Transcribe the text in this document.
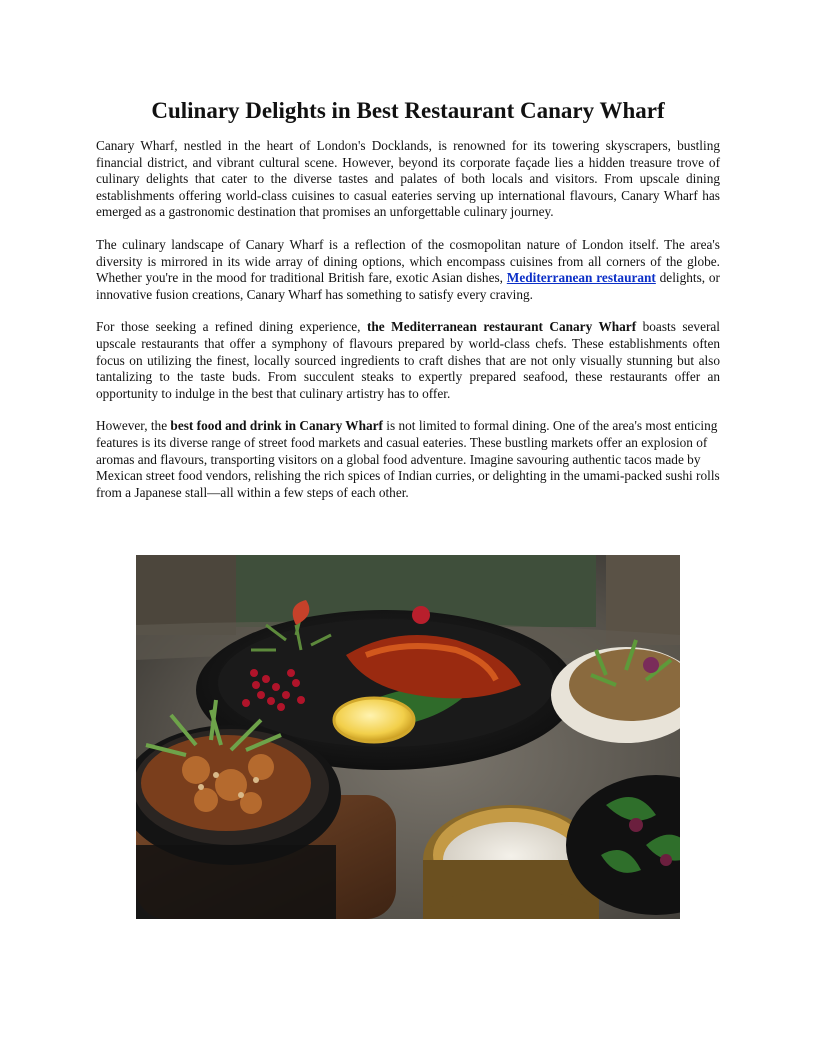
Culinary Delights in Best Restaurant Canary Wharf

Canary Wharf, nestled in the heart of London's Docklands, is renowned for its towering skyscrapers, bustling financial district, and vibrant cultural scene. However, beyond its corporate façade lies a hidden treasure trove of culinary delights that cater to the diverse tastes and palates of both locals and visitors. From upscale dining establishments offering world-class cuisines to casual eateries serving up international flavours, Canary Wharf has emerged as a gastronomic destination that promises an unforgettable culinary journey.

The culinary landscape of Canary Wharf is a reflection of the cosmopolitan nature of London itself. The area's diversity is mirrored in its wide array of dining options, which encompass cuisines from all corners of the globe. Whether you're in the mood for traditional British fare, exotic Asian dishes, Mediterranean restaurant delights, or innovative fusion creations, Canary Wharf has something to satisfy every craving.

For those seeking a refined dining experience, the Mediterranean restaurant Canary Wharf boasts several upscale restaurants that offer a symphony of flavours prepared by world-class chefs. These establishments often focus on utilizing the finest, locally sourced ingredients to craft dishes that are not only visually stunning but also tantalizing to the taste buds. From succulent steaks to expertly prepared seafood, these restaurants offer an opportunity to indulge in the best that culinary artistry has to offer.

However, the best food and drink in Canary Wharf is not limited to formal dining. One of the area's most enticing features is its diverse range of street food markets and casual eateries. These bustling markets offer an explosion of aromas and flavours, transporting visitors on a global food adventure. Imagine savouring authentic tacos made by Mexican street food vendors, relishing the rich spices of Indian curries, or delighting in the umami-packed sushi rolls from a Japanese stall—all within a few steps of each other.
